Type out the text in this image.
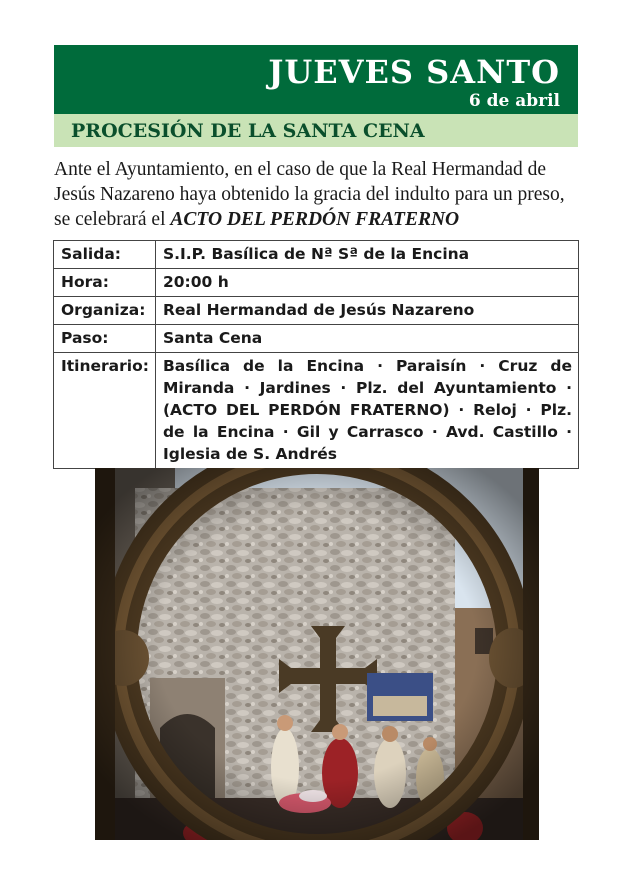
JUEVES SANTO
6 de abril
PROCESIÓN DE LA SANTA CENA
Ante el Ayuntamiento, en el caso de que la Real Hermandad de Jesús Nazareno haya obtenido la gracia del indulto para un preso, se celebrará el ACTO DEL PERDÓN FRATERNO
Salida:	S.I.P. Basílica de Nª Sª de la Encina
Hora:	20:00 h
Organiza:	Real Hermandad de Jesús Nazareno
Paso:	Santa Cena
Itinerario:	Basílica de la Encina · Paraisín · Cruz de Miranda · Jardines · Plz. del Ayuntamiento · (ACTO DEL PERDÓN FRATERNO) · Reloj · Plz. de la Encina · Gil y Carrasco · Avd. Castillo · Iglesia de S. Andrés
